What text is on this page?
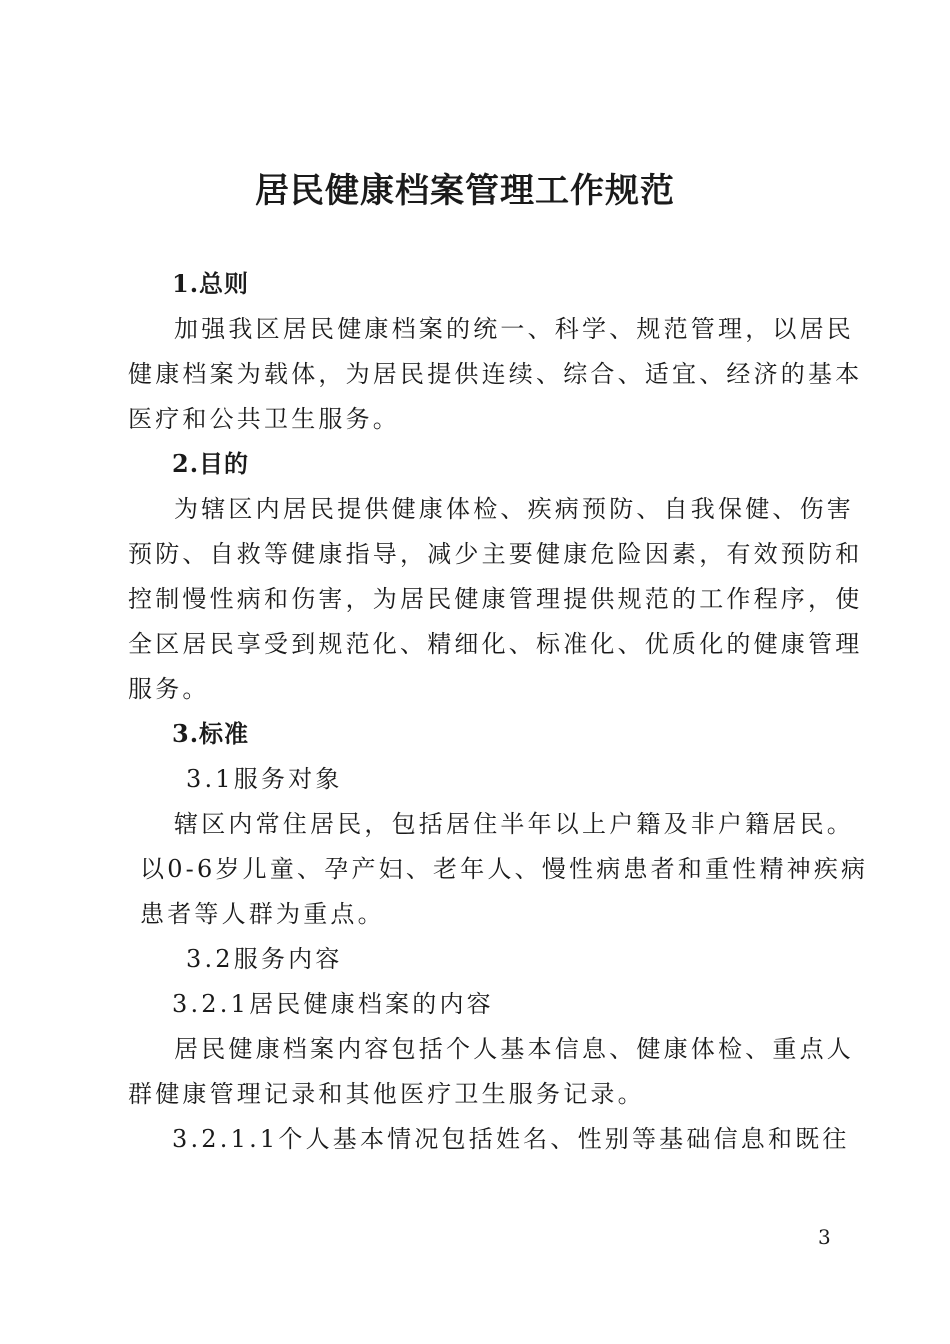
居民健康档案管理工作规范
1.总则
加强我区居民健康档案的统一、科学、规范管理，以居民
健康档案为载体，为居民提供连续、综合、适宜、经济的基本
医疗和公共卫生服务。
2.目的
为辖区内居民提供健康体检、疾病预防、自我保健、伤害
预防、自救等健康指导，减少主要健康危险因素，有效预防和
控制慢性病和伤害，为居民健康管理提供规范的工作程序，使
全区居民享受到规范化、精细化、标准化、优质化的健康管理
服务。
3.标准
3.1服务对象
辖区内常住居民，包括居住半年以上户籍及非户籍居民。
以0-6岁儿童、孕产妇、老年人、慢性病患者和重性精神疾病
患者等人群为重点。
3.2服务内容
3.2.1居民健康档案的内容
居民健康档案内容包括个人基本信息、健康体检、重点人
群健康管理记录和其他医疗卫生服务记录。
3.2.1.1个人基本情况包括姓名、性别等基础信息和既往
3
